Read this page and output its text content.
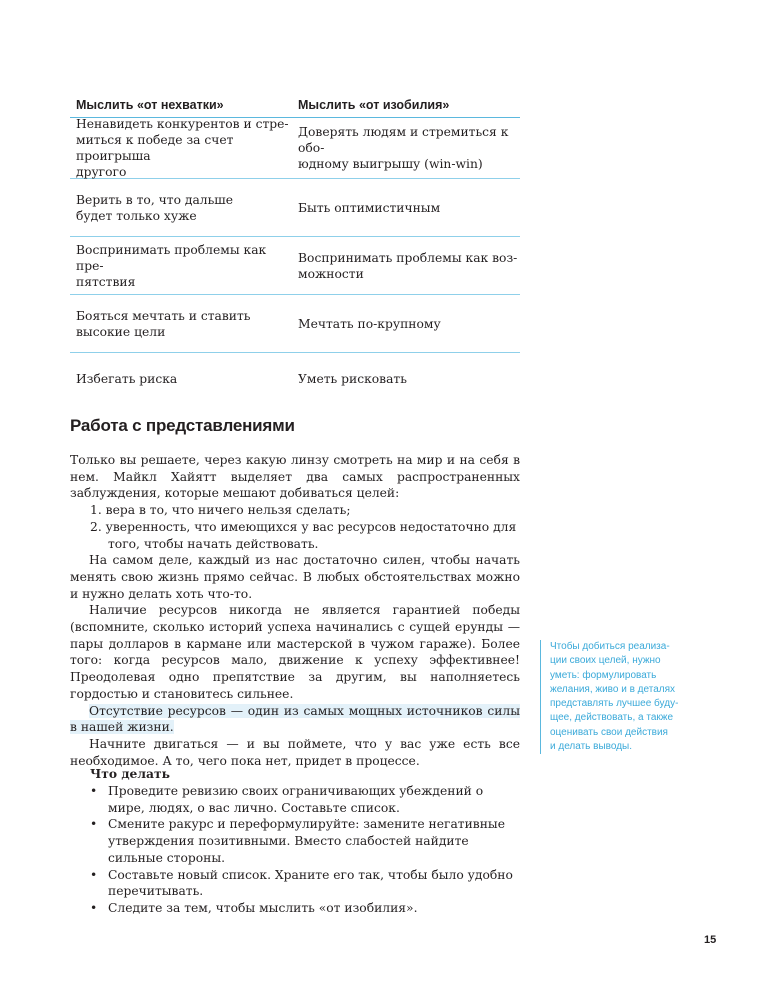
Мыслить «от нехватки»	Мыслить «от изобилия»
Ненавидеть конкурентов и стре-
миться к победе за счет проигрыша
другого
Доверять людям и стремиться к обо-
юдному выигрышу (win-win)
Верить в то, что дальше
будет только хуже
Быть оптимистичным
Воспринимать проблемы как пре-
пятствия
Воспринимать проблемы как воз-
можности
Бояться мечтать и ставить
высокие цели
Мечтать по-крупному
Избегать риска	Уметь рисковать
Работа с представлениями

Только вы решаете, через какую линзу смотреть на мир и на себя в нем. Майкл Хайятт выделяет два самых распространенных заблуждения, которые мешают добиваться целей:

1. вера в то, что ничего нельзя сделать;
2. уверенность, что имеющихся у вас ресурсов недостаточно для того, чтобы начать действовать.

На самом деле, каждый из нас достаточно силен, чтобы начать менять свою жизнь прямо сейчас. В любых обстоятельствах можно и нужно делать хоть что-то.

Наличие ресурсов никогда не является гарантией победы (вспомните, сколько историй успеха начинались с сущей ерунды — пары долларов в кармане или мастерской в чужом гараже). Более того: когда ресурсов мало, движение к успеху эффективнее! Преодолевая одно препятствие за другим, вы наполняетесь гордостью и становитесь сильнее.

Отсутствие ресурсов — один из самых мощных источников силы в нашей жизни.

Начните двигаться — и вы поймете, что у вас уже есть все необходимое. А то, чего пока нет, придет в процессе.

Что делать
• Проведите ревизию своих ограничивающих убеждений о мире, людях, о вас лично. Составьте список.
• Смените ракурс и переформулируйте: замените негативные утверждения позитивными. Вместо слабостей найдите сильные стороны.
• Составьте новый список. Храните его так, чтобы было удобно перечитывать.
• Следите за тем, чтобы мыслить «от изобилия».
Чтобы добиться реализа-
ции своих целей, нужно
уметь: формулировать
желания, живо и в деталях
представлять лучшее буду-
щее, действовать, а также
оценивать свои действия
и делать выводы.
15
